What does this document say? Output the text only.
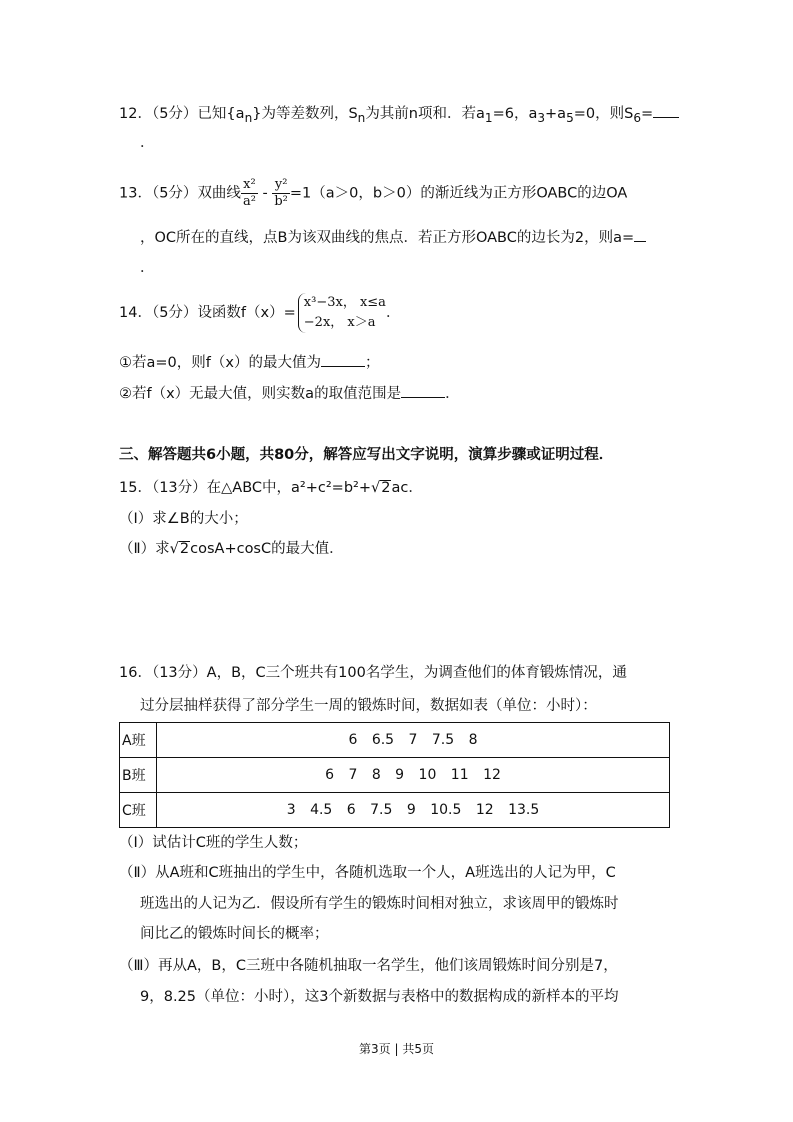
12．（5分）已知$\{a_n\}$为等差数列，$S_n$为其前n项和．若$a_1=6$，$a_3+a_5=0$，则$S_6=$
．
13．（5分）双曲线 $\frac{\text{x²}}{\text{a²}} - \frac{\text{y²}}{\text{b²}} =1(a>0$，b＞0）的渐近线为正方形OABC的边OA
，OC所在的直线，点B为该双曲线的焦点．若正方形OABC的边长为2，则a=
．
14．（5分）设函数f（x）=
x³−3x， x≤a
−2x， x＞a
．
①若a=0，则f（x）的最大值为	；
②若f（x）无最大值，则实数a的取值范围是	．
三、解答题共6小题，共80分，解答应写出文字说明，演算步骤或证明过程．
15．（13分）在△ABC中，a²+c²=b²+√2ac．
（Ⅰ）求∠B的大小；
（Ⅱ）求√2cosA+cosC的最大值．
16．（13分）A，B，C三个班共有100名学生，为调查他们的体育锻炼情况，通
过分层抽样获得了部分学生一周的锻炼时间，数据如表（单位：小时）：
A班	6 6.5 7 7.5 8
B班	6 7 8 9 10 11 12
C班	3 4.5 6 7.5 9 10.5 12 13.5
（Ⅰ）试估计C班的学生人数；
（Ⅱ）从A班和C班抽出的学生中，各随机选取一个人，A班选出的人记为甲，C
班选出的人记为乙．假设所有学生的锻炼时间相对独立，求该周甲的锻炼时
间比乙的锻炼时间长的概率；
（Ⅲ）再从A，B，C三班中各随机抽取一名学生，他们该周锻炼时间分别是7，
9，8.25（单位：小时），这3个新数据与表格中的数据构成的新样本的平均
第3页 | 共5页
